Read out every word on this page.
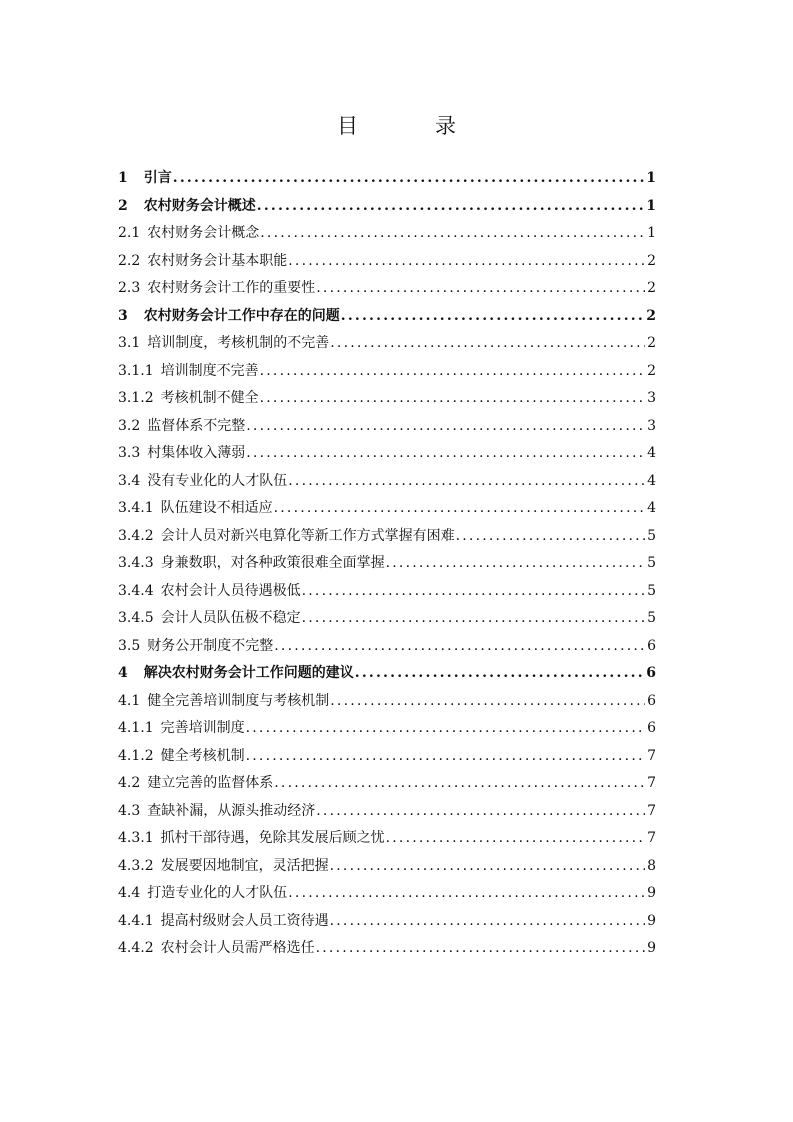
目　录
1 引言 .....	1
2 农村财务会计概述 .....	1
2.1 农村财务会计概念 .....	1
2.2 农村财务会计基本职能 .....	2
2.3 农村财务会计工作的重要性 .....	2
3 农村财务会计工作中存在的问题 .....	2
3.1 培训制度，考核机制的不完善 .....	2
3.1.1 培训制度不完善 .....	2
3.1.2 考核机制不健全 .....	3
3.2 监督体系不完整 .....	3
3.3 村集体收入薄弱 .....	4
3.4 没有专业化的人才队伍 .....	4
3.4.1 队伍建设不相适应 .....	4
3.4.2 会计人员对新兴电算化等新工作方式掌握有困难 .....	5
3.4.3 身兼数职，对各种政策很难全面掌握 .....	5
3.4.4 农村会计人员待遇极低 .....	5
3.4.5 会计人员队伍极不稳定 .....	5
3.5 财务公开制度不完整 .....	6
4 解决农村财务会计工作问题的建议 .....	6
4.1 健全完善培训制度与考核机制 .....	6
4.1.1 完善培训制度 .....	6
4.1.2 健全考核机制 .....	7
4.2 建立完善的监督体系 .....	7
4.3 查缺补漏，从源头推动经济 .....	7
4.3.1 抓村干部待遇，免除其发展后顾之忧 .....	7
4.3.2 发展要因地制宜，灵活把握 .....	8
4.4 打造专业化的人才队伍 .....	9
4.4.1 提高村级财会人员工资待遇 .....	9
4.4.2 农村会计人员需严格选任 .....	9
